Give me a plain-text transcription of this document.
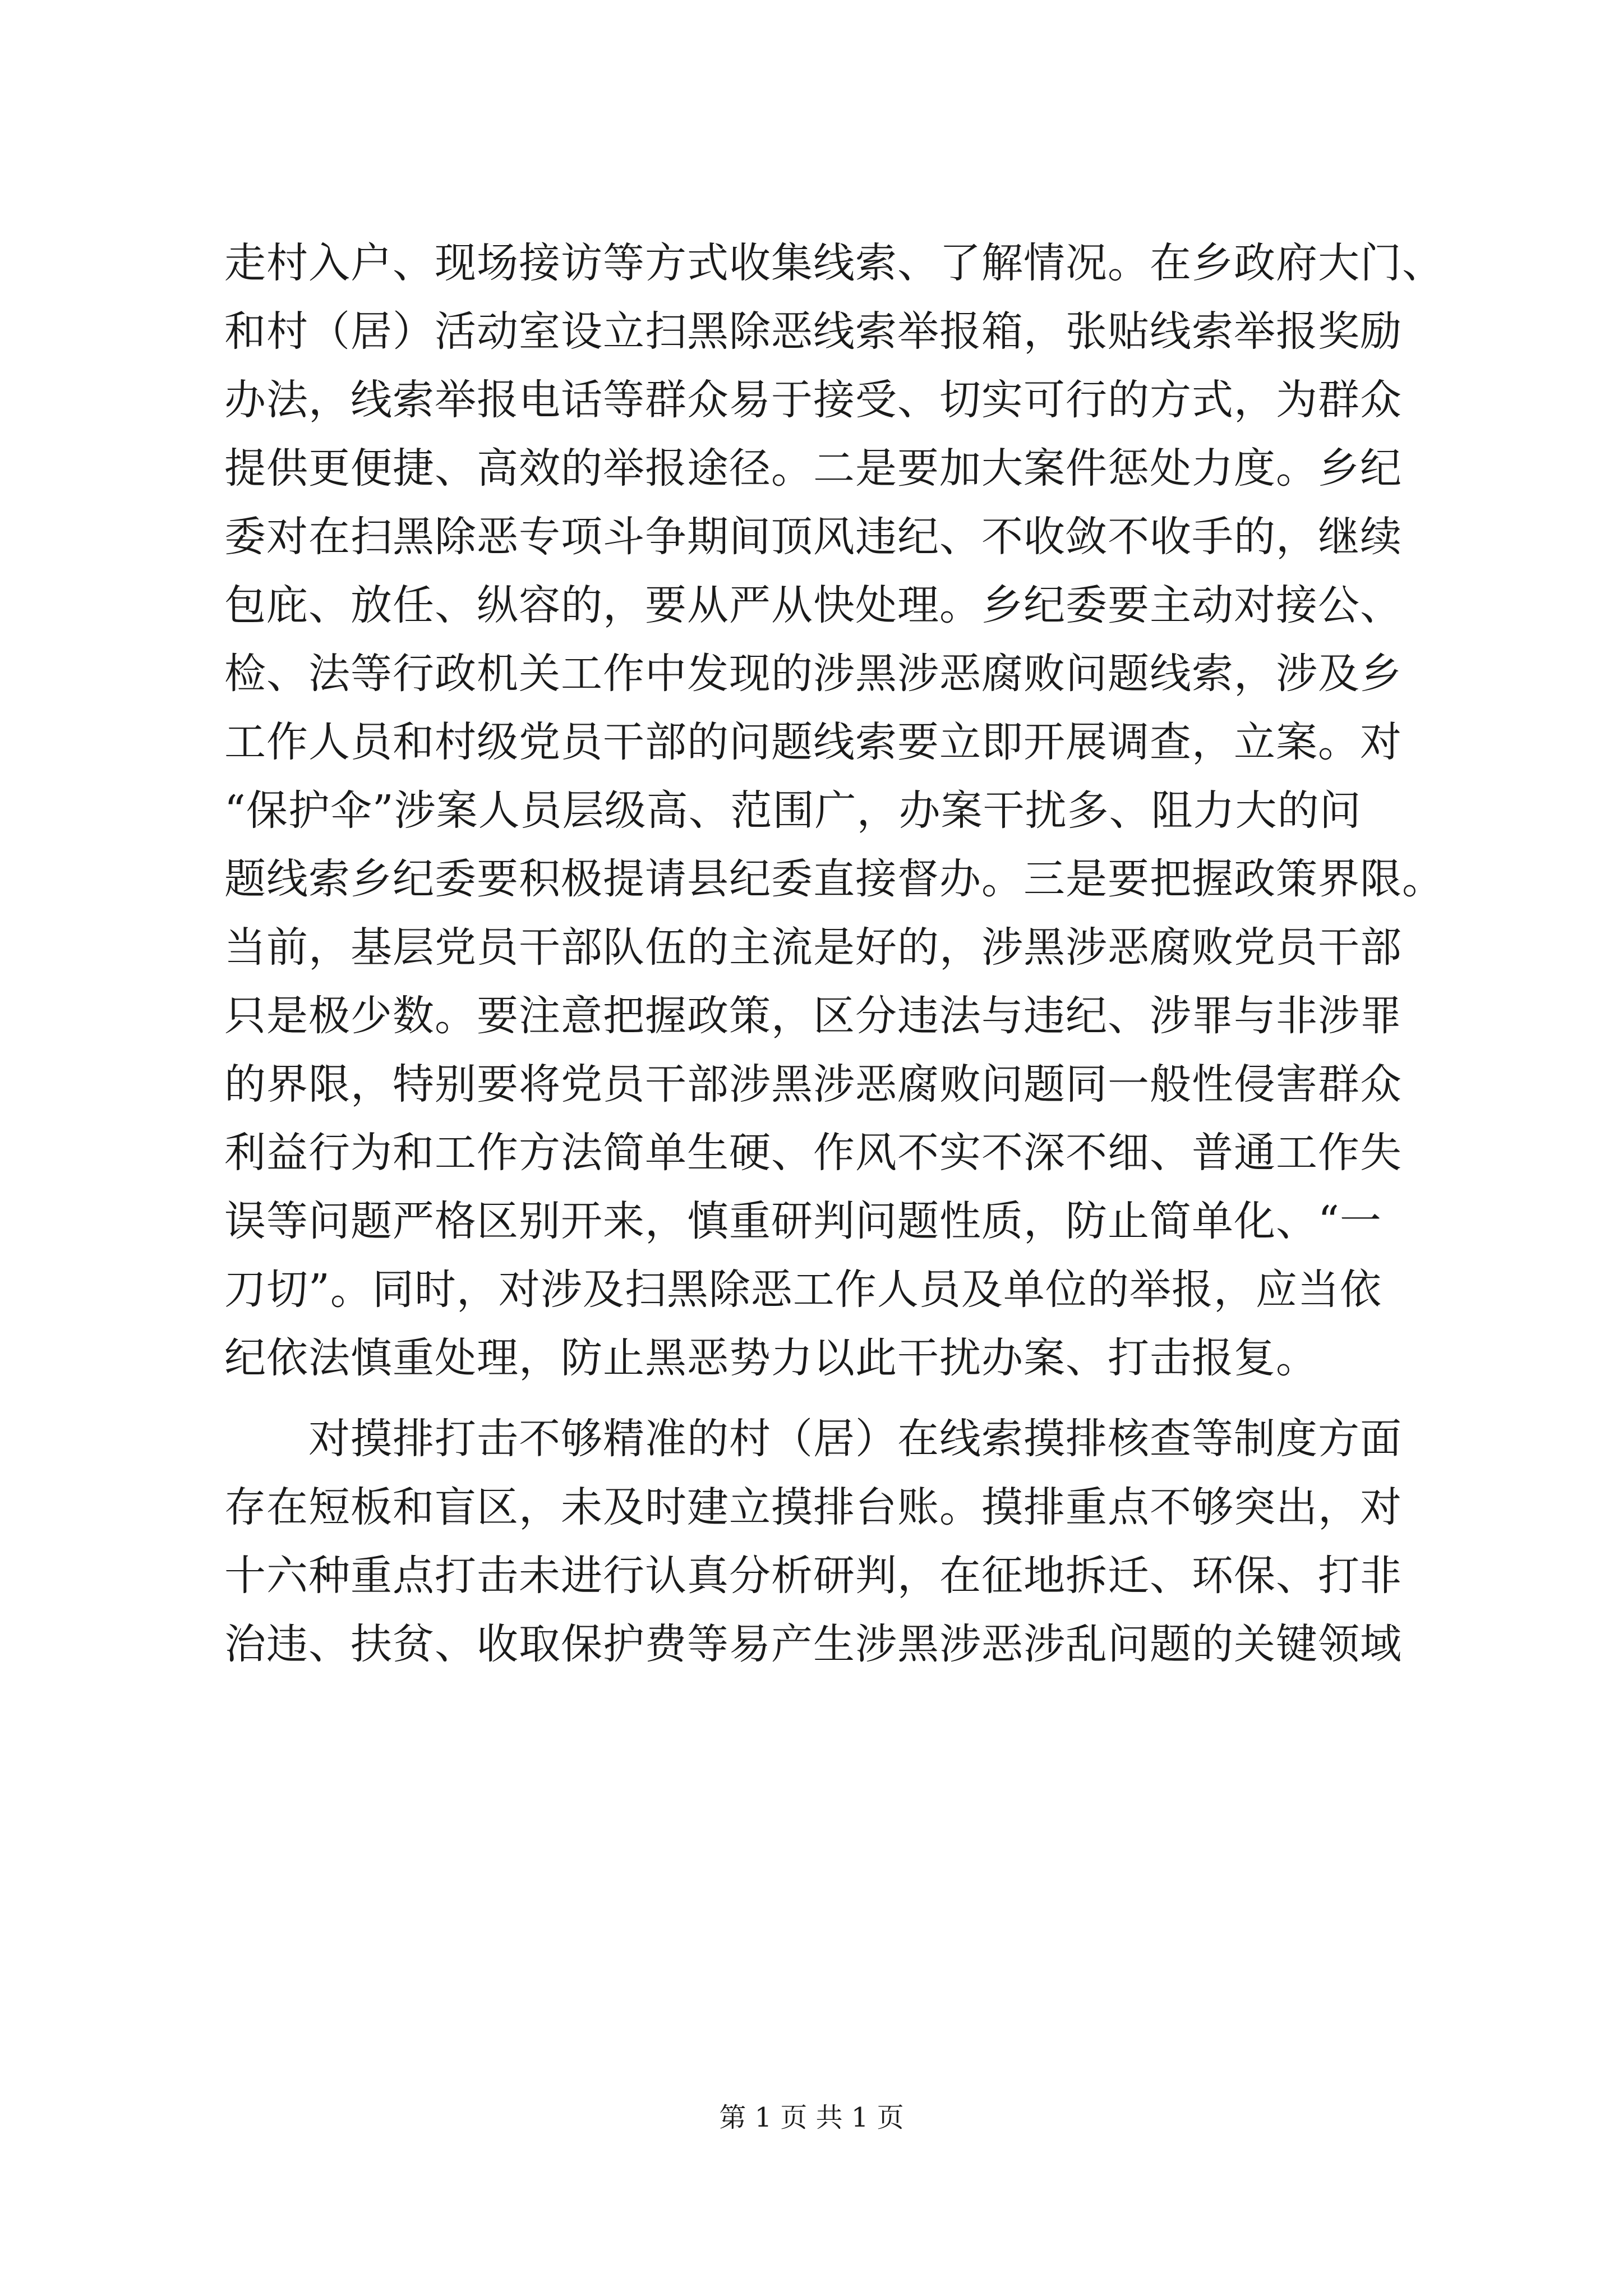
走村入户、现场接访等方式收集线索、了解情况。在乡政府大门、
和村（居）活动室设立扫黑除恶线索举报箱，张贴线索举报奖励
办法，线索举报电话等群众易于接受、切实可行的方式，为群众
提供更便捷、高效的举报途径。二是要加大案件惩处力度。乡纪
委对在扫黑除恶专项斗争期间顶风违纪、不收敛不收手的，继续
包庇、放任、纵容的，要从严从快处理。乡纪委要主动对接公、
检、法等行政机关工作中发现的涉黑涉恶腐败问题线索，涉及乡
工作人员和村级党员干部的问题线索要立即开展调查，立案。对
“保护伞”涉案人员层级高、范围广，办案干扰多、阻力大的问
题线索乡纪委要积极提请县纪委直接督办。三是要把握政策界限。
当前，基层党员干部队伍的主流是好的，涉黑涉恶腐败党员干部
只是极少数。要注意把握政策，区分违法与违纪、涉罪与非涉罪
的界限，特别要将党员干部涉黑涉恶腐败问题同一般性侵害群众
利益行为和工作方法简单生硬、作风不实不深不细、普通工作失
误等问题严格区别开来，慎重研判问题性质，防止简单化、“一
刀切”。同时，对涉及扫黑除恶工作人员及单位的举报，应当依
纪依法慎重处理，防止黑恶势力以此干扰办案、打击报复。
对摸排打击不够精准的村（居）在线索摸排核查等制度方面
存在短板和盲区，未及时建立摸排台账。摸排重点不够突出，对
十六种重点打击未进行认真分析研判，在征地拆迁、环保、打非
治违、扶贫、收取保护费等易产生涉黑涉恶涉乱问题的关键领域
第 1 页 共 1 页
